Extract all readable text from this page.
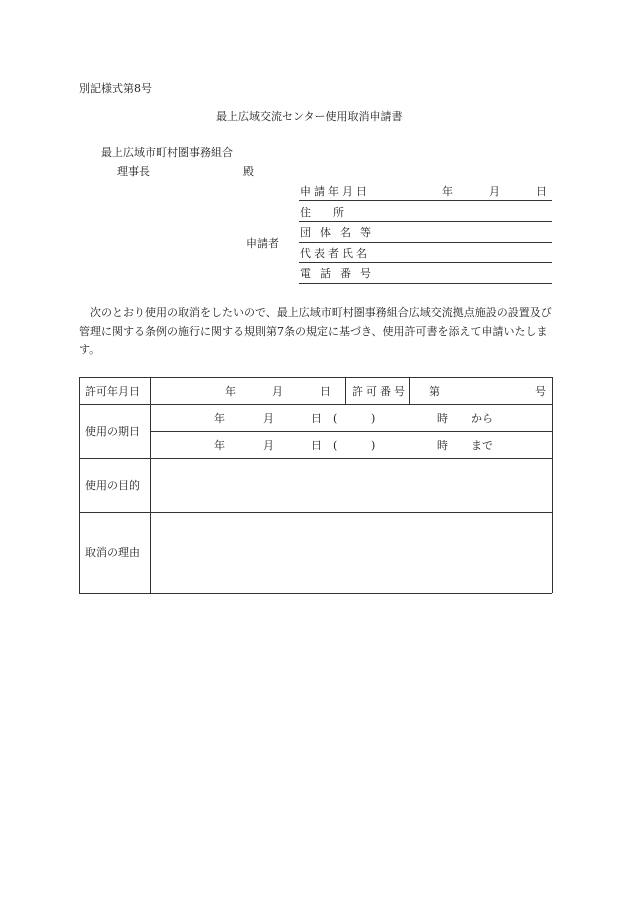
別記様式第8号
最上広域交流センター使用取消申請書
最上広域市町村圏事務組合
理事長	殿
申請者
申請年月日	年	月	日
住　　所
団体名等
代表者氏名
電話番号
次のとおり使用の取消をしたいので、最上広域市町村圏事務組合広域交流拠点施設の設置及び管理に関する条例の施行に関する規則第7条の規定に基づき、使用許可書を添えて申請いたします。
許可年月日	年	月	日 許可番号 第	号
使用の期日
年	月	日 (	)	時 から
年	月	日 (	)	時 まで
使用の目的
取消の理由
